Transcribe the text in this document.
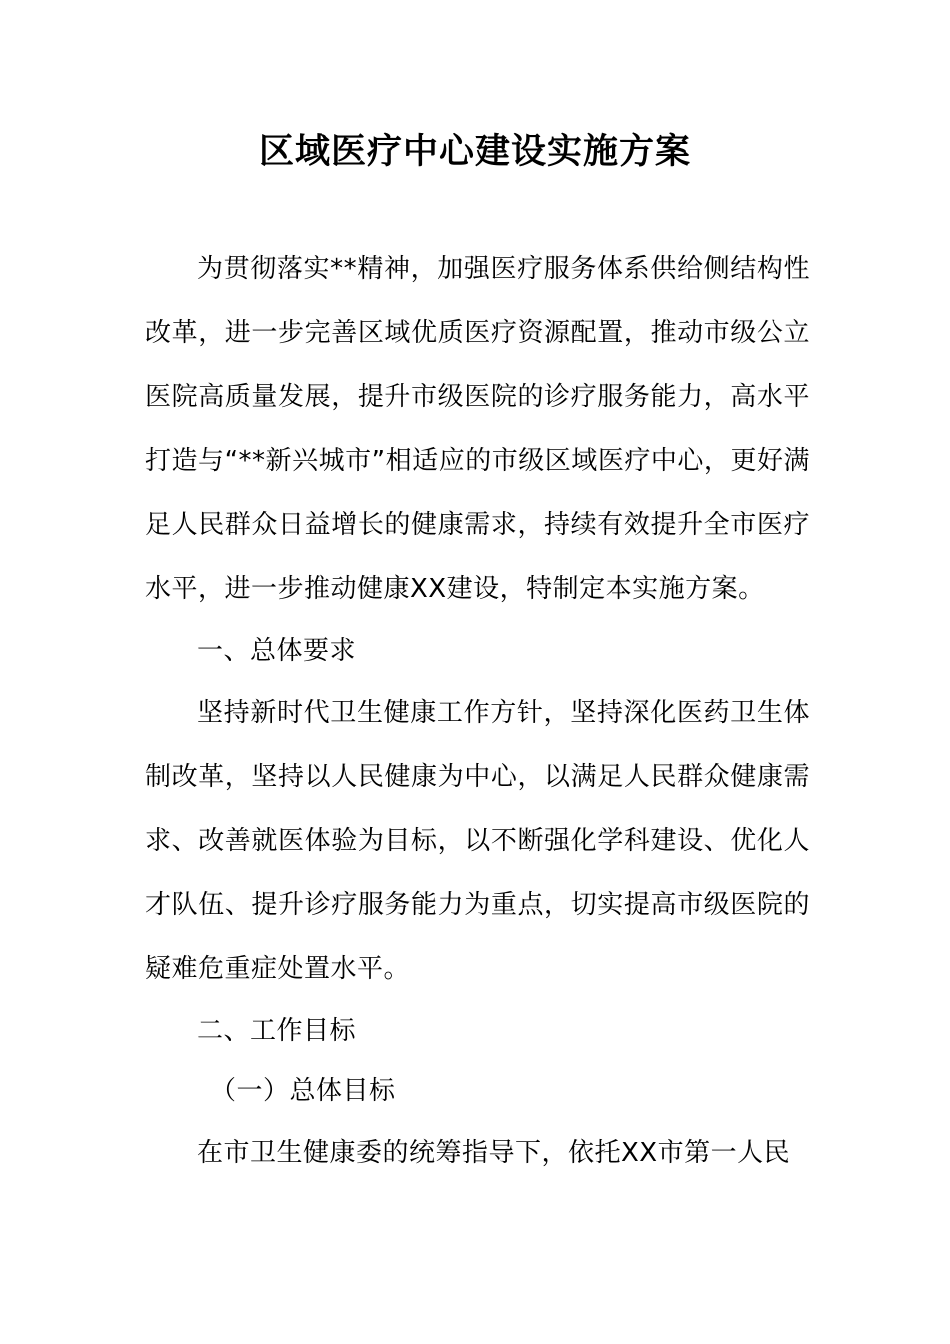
区域医疗中心建设实施方案

为贯彻落实**精神，加强医疗服务体系供给侧结构性改革，进一步完善区域优质医疗资源配置，推动市级公立医院高质量发展，提升市级医院的诊疗服务能力，高水平打造与“**新兴城市”相适应的市级区域医疗中心，更好满足人民群众日益增长的健康需求，持续有效提升全市医疗水平，进一步推动健康XX建设，特制定本实施方案。

一、总体要求

坚持新时代卫生健康工作方针，坚持深化医药卫生体制改革，坚持以人民健康为中心，以满足人民群众健康需求、改善就医体验为目标，以不断强化学科建设、优化人才队伍、提升诊疗服务能力为重点，切实提高市级医院的疑难危重症处置水平。

二、工作目标

（一）总体目标

在市卫生健康委的统筹指导下，依托XX市第一人民
